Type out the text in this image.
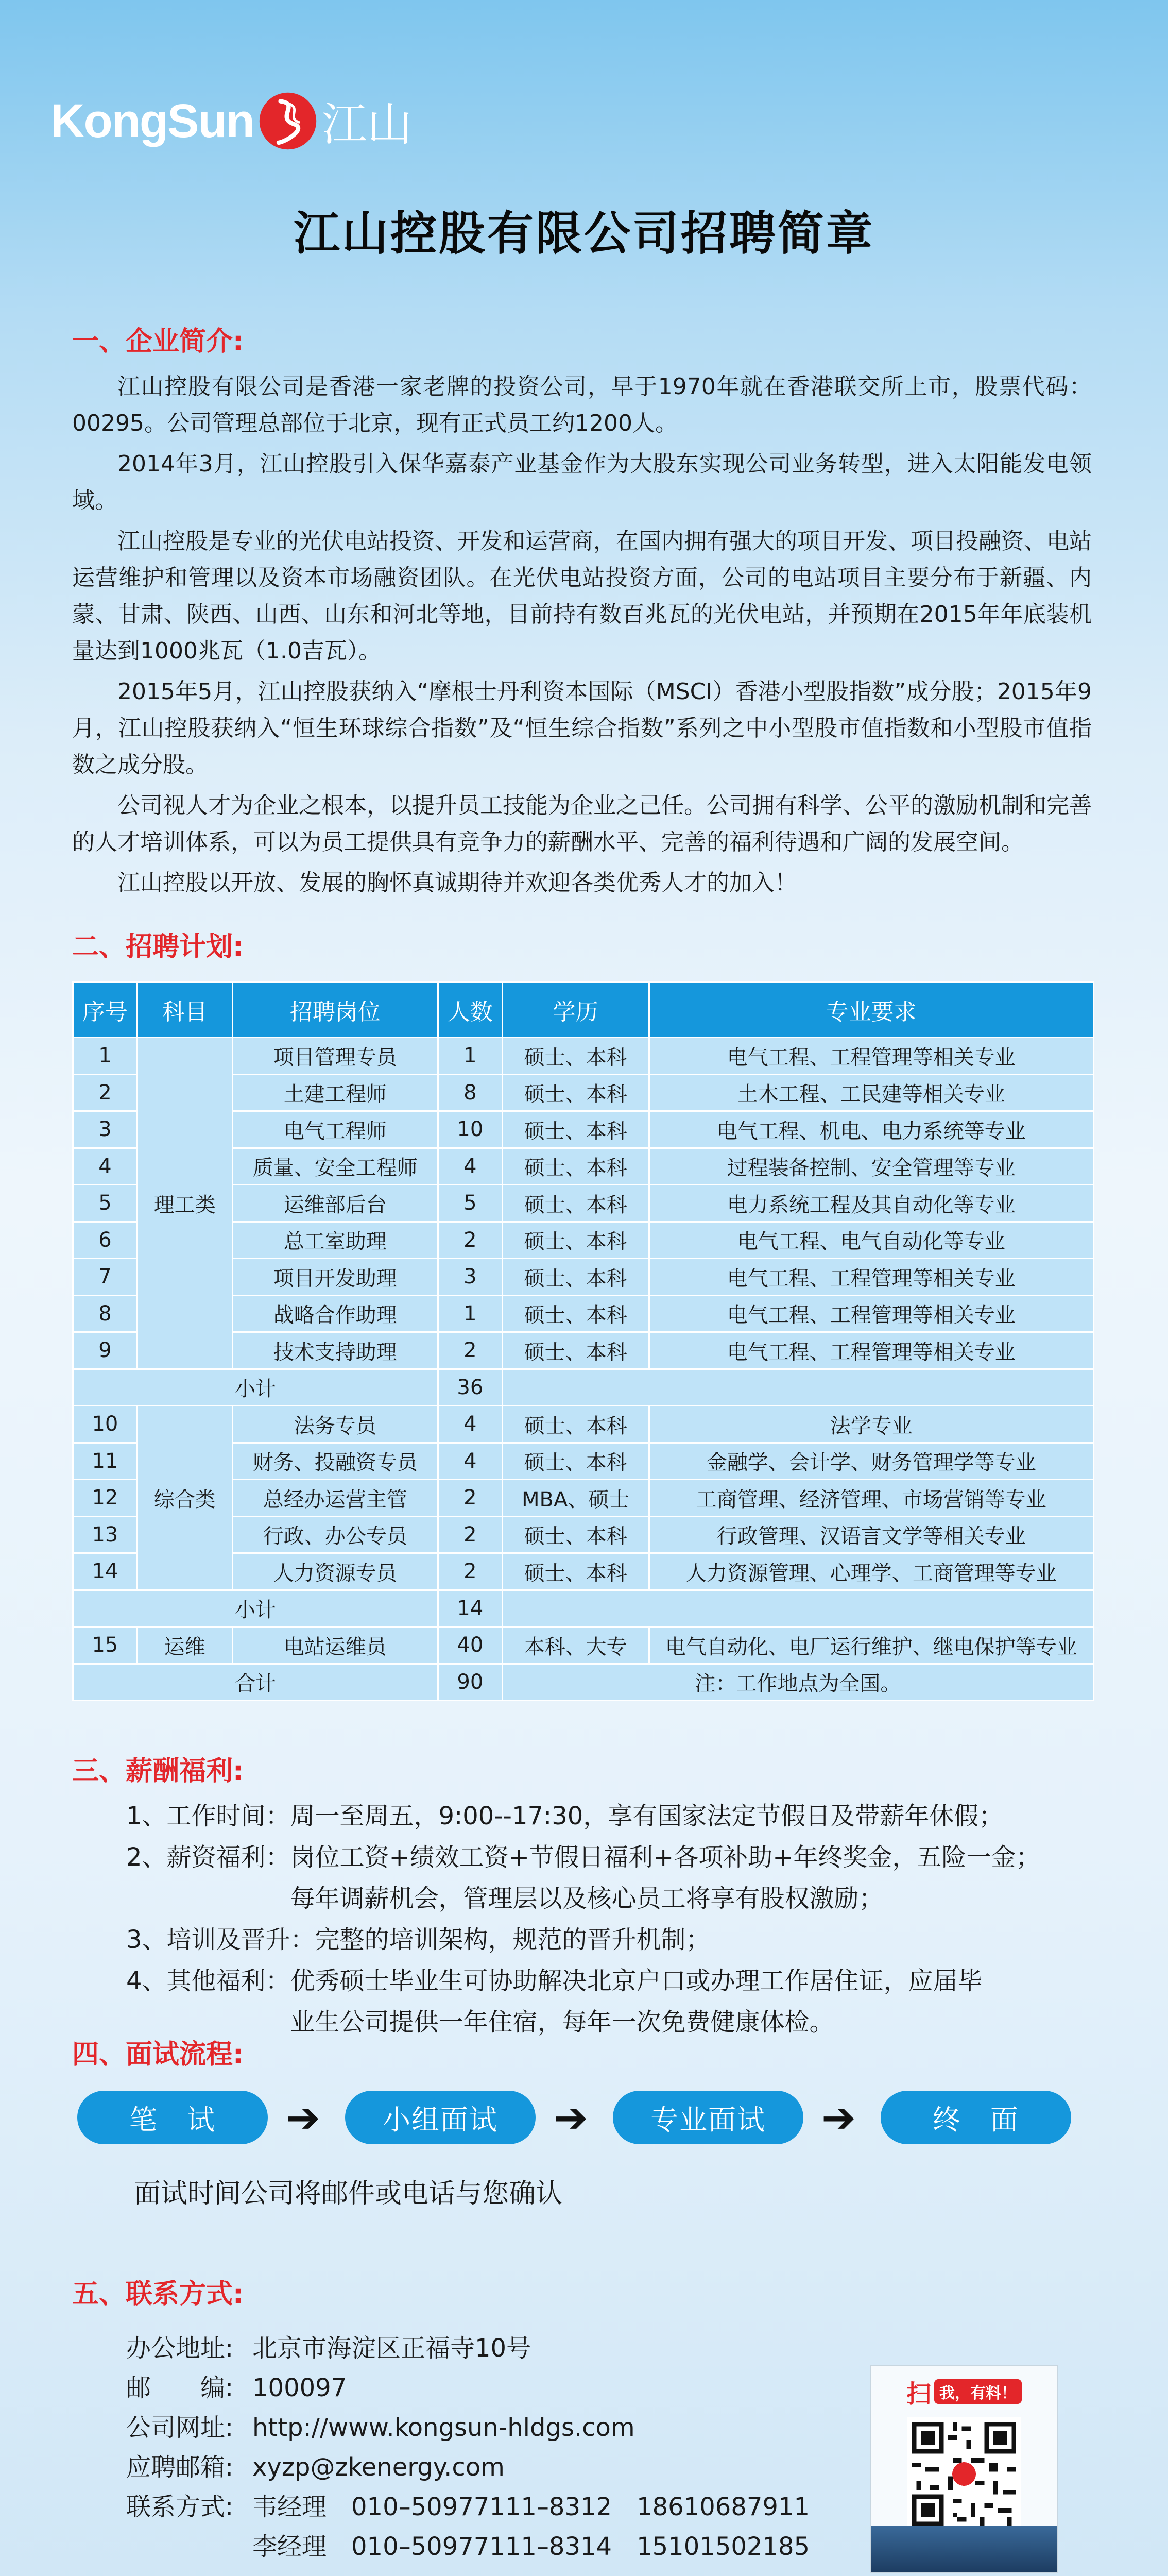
KongSun 江山
江山控股有限公司招聘简章
一、企业简介:

江山控股有限公司是香港一家老牌的投资公司，早于1970年就在香港联交所上市，股票代码：00295。公司管理总部位于北京，现有正式员工约1200人。

2014年3月，江山控股引入保华嘉泰产业基金作为大股东实现公司业务转型，进入太阳能发电领域。

江山控股是专业的光伏电站投资、开发和运营商，在国内拥有强大的项目开发、项目投融资、电站运营维护和管理以及资本市场融资团队。在光伏电站投资方面，公司的电站项目主要分布于新疆、内蒙、甘肃、陕西、山西、山东和河北等地，目前持有数百兆瓦的光伏电站，并预期在2015年年底装机量达到1000兆瓦（1.0吉瓦）。

2015年5月，江山控股获纳入“摩根士丹利资本国际（MSCI）香港小型股指数”成分股；2015年9月，江山控股获纳入“恒生环球综合指数”及“恒生综合指数”系列之中小型股市值指数和小型股市值指数之成分股。

公司视人才为企业之根本，以提升员工技能为企业之己任。公司拥有科学、公平的激励机制和完善的人才培训体系，可以为员工提供具有竞争力的薪酬水平、完善的福利待遇和广阔的发展空间。

江山控股以开放、发展的胸怀真诚期待并欢迎各类优秀人才的加入！

二、招聘计划:
序号	科目	招聘岗位	人数	学历	专业要求
1	理工类	项目管理专员	1	硕士、本科	电气工程、工程管理等相关专业
2		土建工程师	8	硕士、本科	土木工程、工民建等相关专业
3		电气工程师	10	硕士、本科	电气工程、机电、电力系统等专业
4		质量、安全工程师	4	硕士、本科	过程装备控制、安全管理等专业
5		运维部后台	5	硕士、本科	电力系统工程及其自动化等专业
6		总工室助理	2	硕士、本科	电气工程、电气自动化等专业
7		项目开发助理	3	硕士、本科	电气工程、工程管理等相关专业
8		战略合作助理	1	硕士、本科	电气工程、工程管理等相关专业
9		技术支持助理	2	硕士、本科	电气工程、工程管理等相关专业
小计			36		
10	综合类	法务专员	4	硕士、本科	法学专业
11		财务、投融资专员	4	硕士、本科	金融学、会计学、财务管理学等专业
12		总经办运营主管	2	MBA、硕士	工商管理、经济管理、市场营销等专业
13		行政、办公专员	2	硕士、本科	行政管理、汉语言文学等相关专业
14		人力资源专员	2	硕士、本科	人力资源管理、心理学、工商管理等专业
小计			14		
15	运维	电站运维员	40	本科、大专	电气自动化、电厂运行维护、继电保护等专业
合计			90	注：工作地点为全国。	
三、薪酬福利:
1、工作时间： 周一至周五，9:00--17:30，享有国家法定节假日及带薪年休假；
2、薪资福利： 岗位工资+绩效工资+节假日福利+各项补助+年终奖金，五险一金；
每年调薪机会，管理层以及核心员工将享有股权激励；
3、培训及晋升： 完整的培训架构，规范的晋升机制；
4、其他福利： 优秀硕士毕业生可协助解决北京户口或办理工作居住证，应届毕
业生公司提供一年住宿，每年一次免费健康体检。
四、面试流程:
笔　试	➔	小组面试	➔	专业面试	➔	终　面
面试时间公司将邮件或电话与您确认
五、联系方式:
办公地址: 北京市海淀区正福寺10号
邮　　编: 100097
公司网址: http://www.kongsun-hldgs.com
应聘邮箱: xyzp@zkenergy.com
联系方式: 韦经理　010–50977111–8312　18610687911
李经理　010–50977111–8314　15101502185
扫 我，有料！
